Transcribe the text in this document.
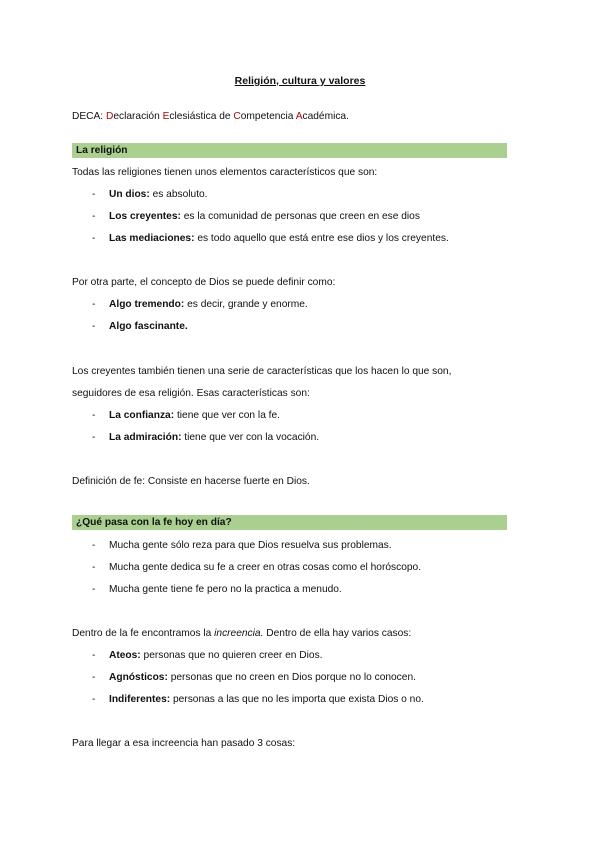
Religión, cultura y valores
DECA: Declaración Eclesiástica de Competencia Académica.
La religión
Todas las religiones tienen unos elementos característicos que son:
- Un dios: es absoluto.
- Los creyentes: es la comunidad de personas que creen en ese dios
- Las mediaciones: es todo aquello que está entre ese dios y los creyentes.
Por otra parte, el concepto de Dios se puede definir como:
- Algo tremendo: es decir, grande y enorme.
- Algo fascinante.
Los creyentes también tienen una serie de características que los hacen lo que son,
seguidores de esa religión. Esas características son:
- La confianza: tiene que ver con la fe.
- La admiración: tiene que ver con la vocación.
Definición de fe: Consiste en hacerse fuerte en Dios.
¿Qué pasa con la fe hoy en día?
- Mucha gente sólo reza para que Dios resuelva sus problemas.
- Mucha gente dedica su fe a creer en otras cosas como el horóscopo.
- Mucha gente tiene fe pero no la practica a menudo.
Dentro de la fe encontramos la increencia. Dentro de ella hay varios casos:
- Ateos: personas que no quieren creer en Dios.
- Agnósticos: personas que no creen en Dios porque no lo conocen.
- Indiferentes: personas a las que no les importa que exista Dios o no.
Para llegar a esa increencia han pasado 3 cosas:
